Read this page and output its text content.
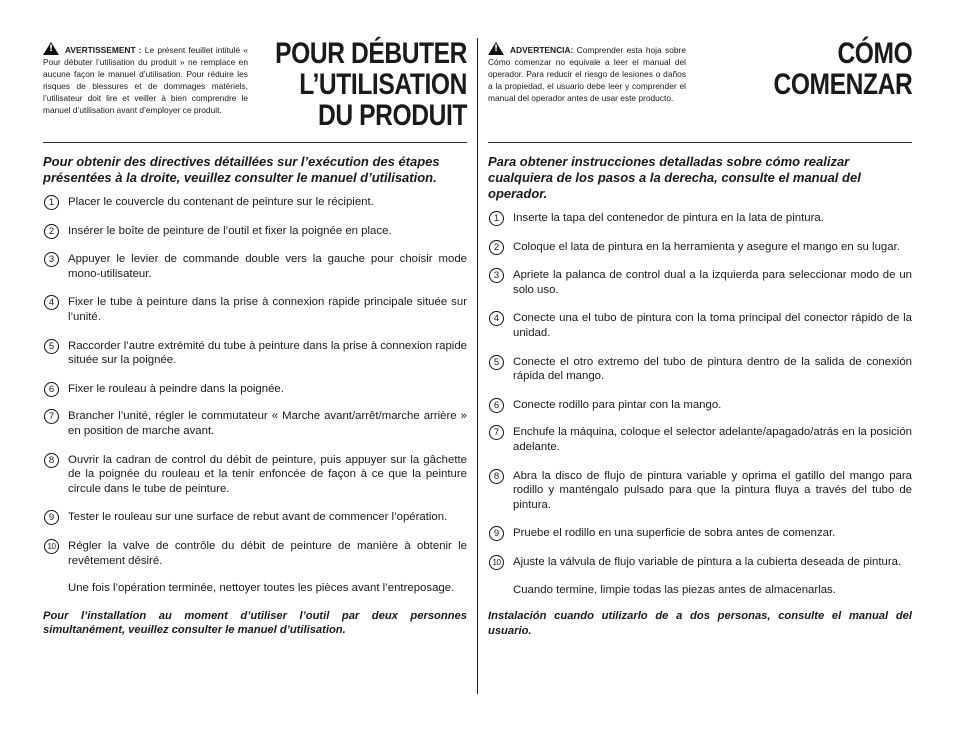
!AVERTISSEMENT : Le présent feuillet intitulé « Pour débuter l’utilisation du produit » ne remplace en aucune façon le manuel d’utilisation. Pour réduire les risques de blessures et de dommages matériels, l’utilisateur doit lire et veiller à bien comprendre le manuel d’utilisation avant d’employer ce produit.
POUR DÉBUTER
L’UTILISATION
DU PRODUIT
Pour obtenir des directives détaillées sur l’exécution des étapes présentées à la droite, veuillez consulter le manuel d’utilisation.
1	Placer le couvercle du contenant de peinture sur le récipient.
2	Insérer le boîte de peinture de l’outil et fixer la poignée en place.
3	Appuyer le levier de commande double vers la gauche pour choisir mode mono-utilisateur.
4	Fixer le tube à peinture dans la prise à connexion rapide principale située sur l’unité.
5	Raccorder l’autre extrémité du tube à peinture dans la prise à connexion rapide située sur la poignée.
6	Fixer le rouleau à peindre dans la poignée.
7	Brancher l’unité, régler le commutateur « Marche avant/arrêt/marche arrière » en position de marche avant.
8	Ouvrir la cadran de control du débit de peinture, puis appuyer sur la gâchette de la poignée du rouleau et la tenir enfoncée de façon à ce que la peinture circule dans le tube de peinture.
9	Tester le rouleau sur une surface de rebut avant de commencer l’opération.
10	Régler la valve de contrôle du débit de peinture de manière à obtenir le revêtement désiré.
Une fois l’opération terminée, nettoyer toutes les pièces avant l’entreposage.
Pour l’installation au moment d’utiliser l’outil par deux personnes simultanément, veuillez consulter le manuel d’utilisation.
!ADVERTENCIA: Comprender esta hoja sobre Cómo comenzar no equivale a leer el manual del operador. Para reducir el riesgo de lesiones o daños a la propiedad, el usuario debe leer y comprender el manual del operador antes de usar este producto.
CÓMO
COMENZAR
Para obtener instrucciones detalladas sobre cómo realizar cualquiera de los pasos a la derecha, consulte el manual del operador.
1	Inserte la tapa del contenedor de pintura en la lata de pintura.
2	Coloque el lata de pintura en la herramienta y asegure el mango en su lugar.
3	Apriete la palanca de control dual a la izquierda para seleccionar modo de un solo uso.
4	Conecte una el tubo de pintura con la toma principal del conector rápido de la unidad.
5	Conecte el otro extremo del tubo de pintura dentro de la salida de conexión rápida del mango.
6	Conecte rodillo para pintar con la mango.
7	Enchufe la máquina, coloque el selector adelante/apagado/atrás en la posición adelante.
8	Abra la disco de flujo de pintura variable y oprima el gatillo del mango para rodillo y manténgalo pulsado para que la pintura fluya a través del tubo de pintura.
9	Pruebe el rodillo en una superficie de sobra antes de comenzar.
10	Ajuste la válvula de flujo variable de pintura a la cubierta deseada de pintura.
Cuando termine, limpie todas las piezas antes de almacenarlas.
Instalación cuando utilizarlo de a dos personas, consulte el manual del usuario.
